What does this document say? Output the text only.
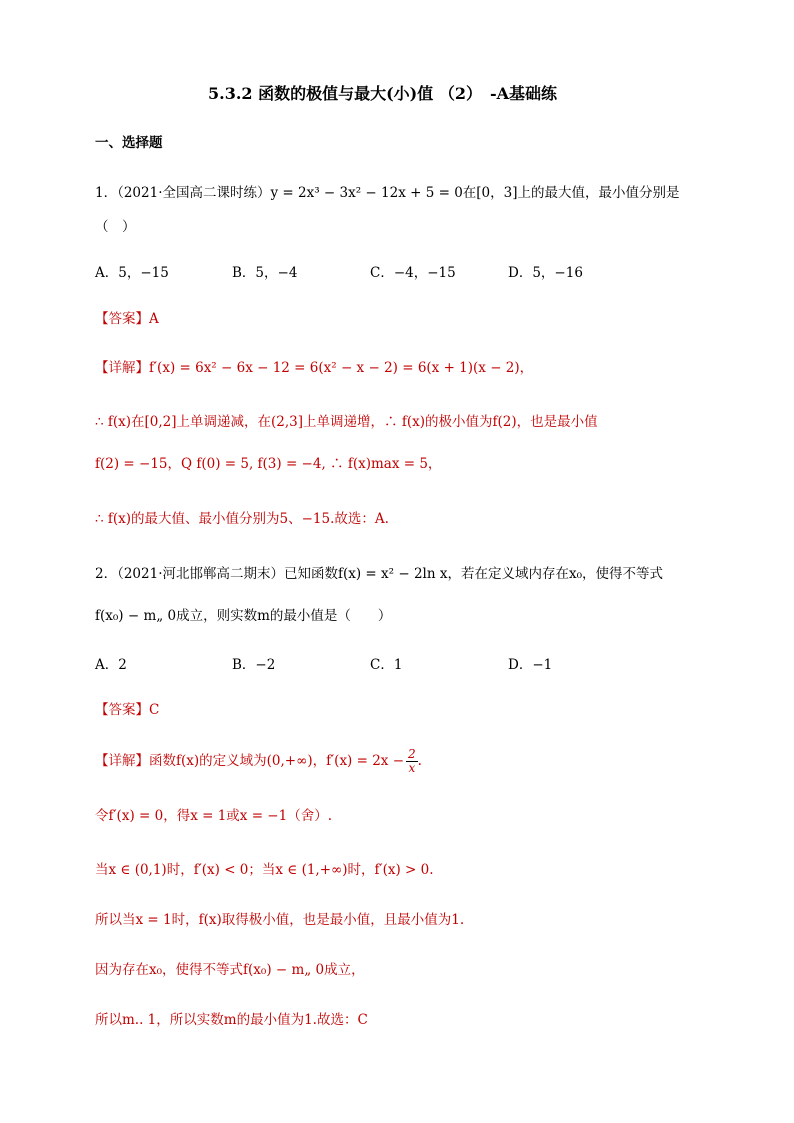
5.3.2 函数的极值与最大(小)值 （2）　-A基础练
一、选择题
1．（2021·全国高二课时练）y = 2x³ − 3x² − 12x + 5 = 0在[0，3]上的最大值，最小值分别是
（　）
A．5，−15	B．5，−4	C．−4，−15	D．5，−16
【答案】A
【详解】f′(x) = 6x² − 6x − 12 = 6(x² − x − 2) = 6(x + 1)(x − 2)，
∴ f(x)在[0,2]上单调递减，在(2,3]上单调递增，∴ f(x)的极小值为f(2)，也是最小值
f(2) = −15，Q f(0) = 5, f(3) = −4, ∴ f(x)max = 5，
∴ f(x)的最大值、最小值分别为5、−15.故选：A.
2．（2021·河北邯郸高二期末）已知函数f(x) = x² − 2ln x，若在定义域内存在x₀，使得不等式
f(x₀) − m„ 0成立，则实数m的最小值是（　　）
A．2	B．−2	C．1	D．−1
【答案】C
【详解】函数f(x)的定义域为(0,+∞)，$f'(x) = 2x - \frac{2}{x}$ .
令f′(x) = 0，得x = 1或x = −1（舍）.
当x ∈ (0,1)时，f′(x) < 0；当x ∈ (1,+∞)时，f′(x) > 0.
所以当x = 1时，f(x)取得极小值，也是最小值，且最小值为1.
因为存在x₀，使得不等式f(x₀) − m„ 0成立，
所以m.. 1，所以实数m的最小值为1.故选：C
